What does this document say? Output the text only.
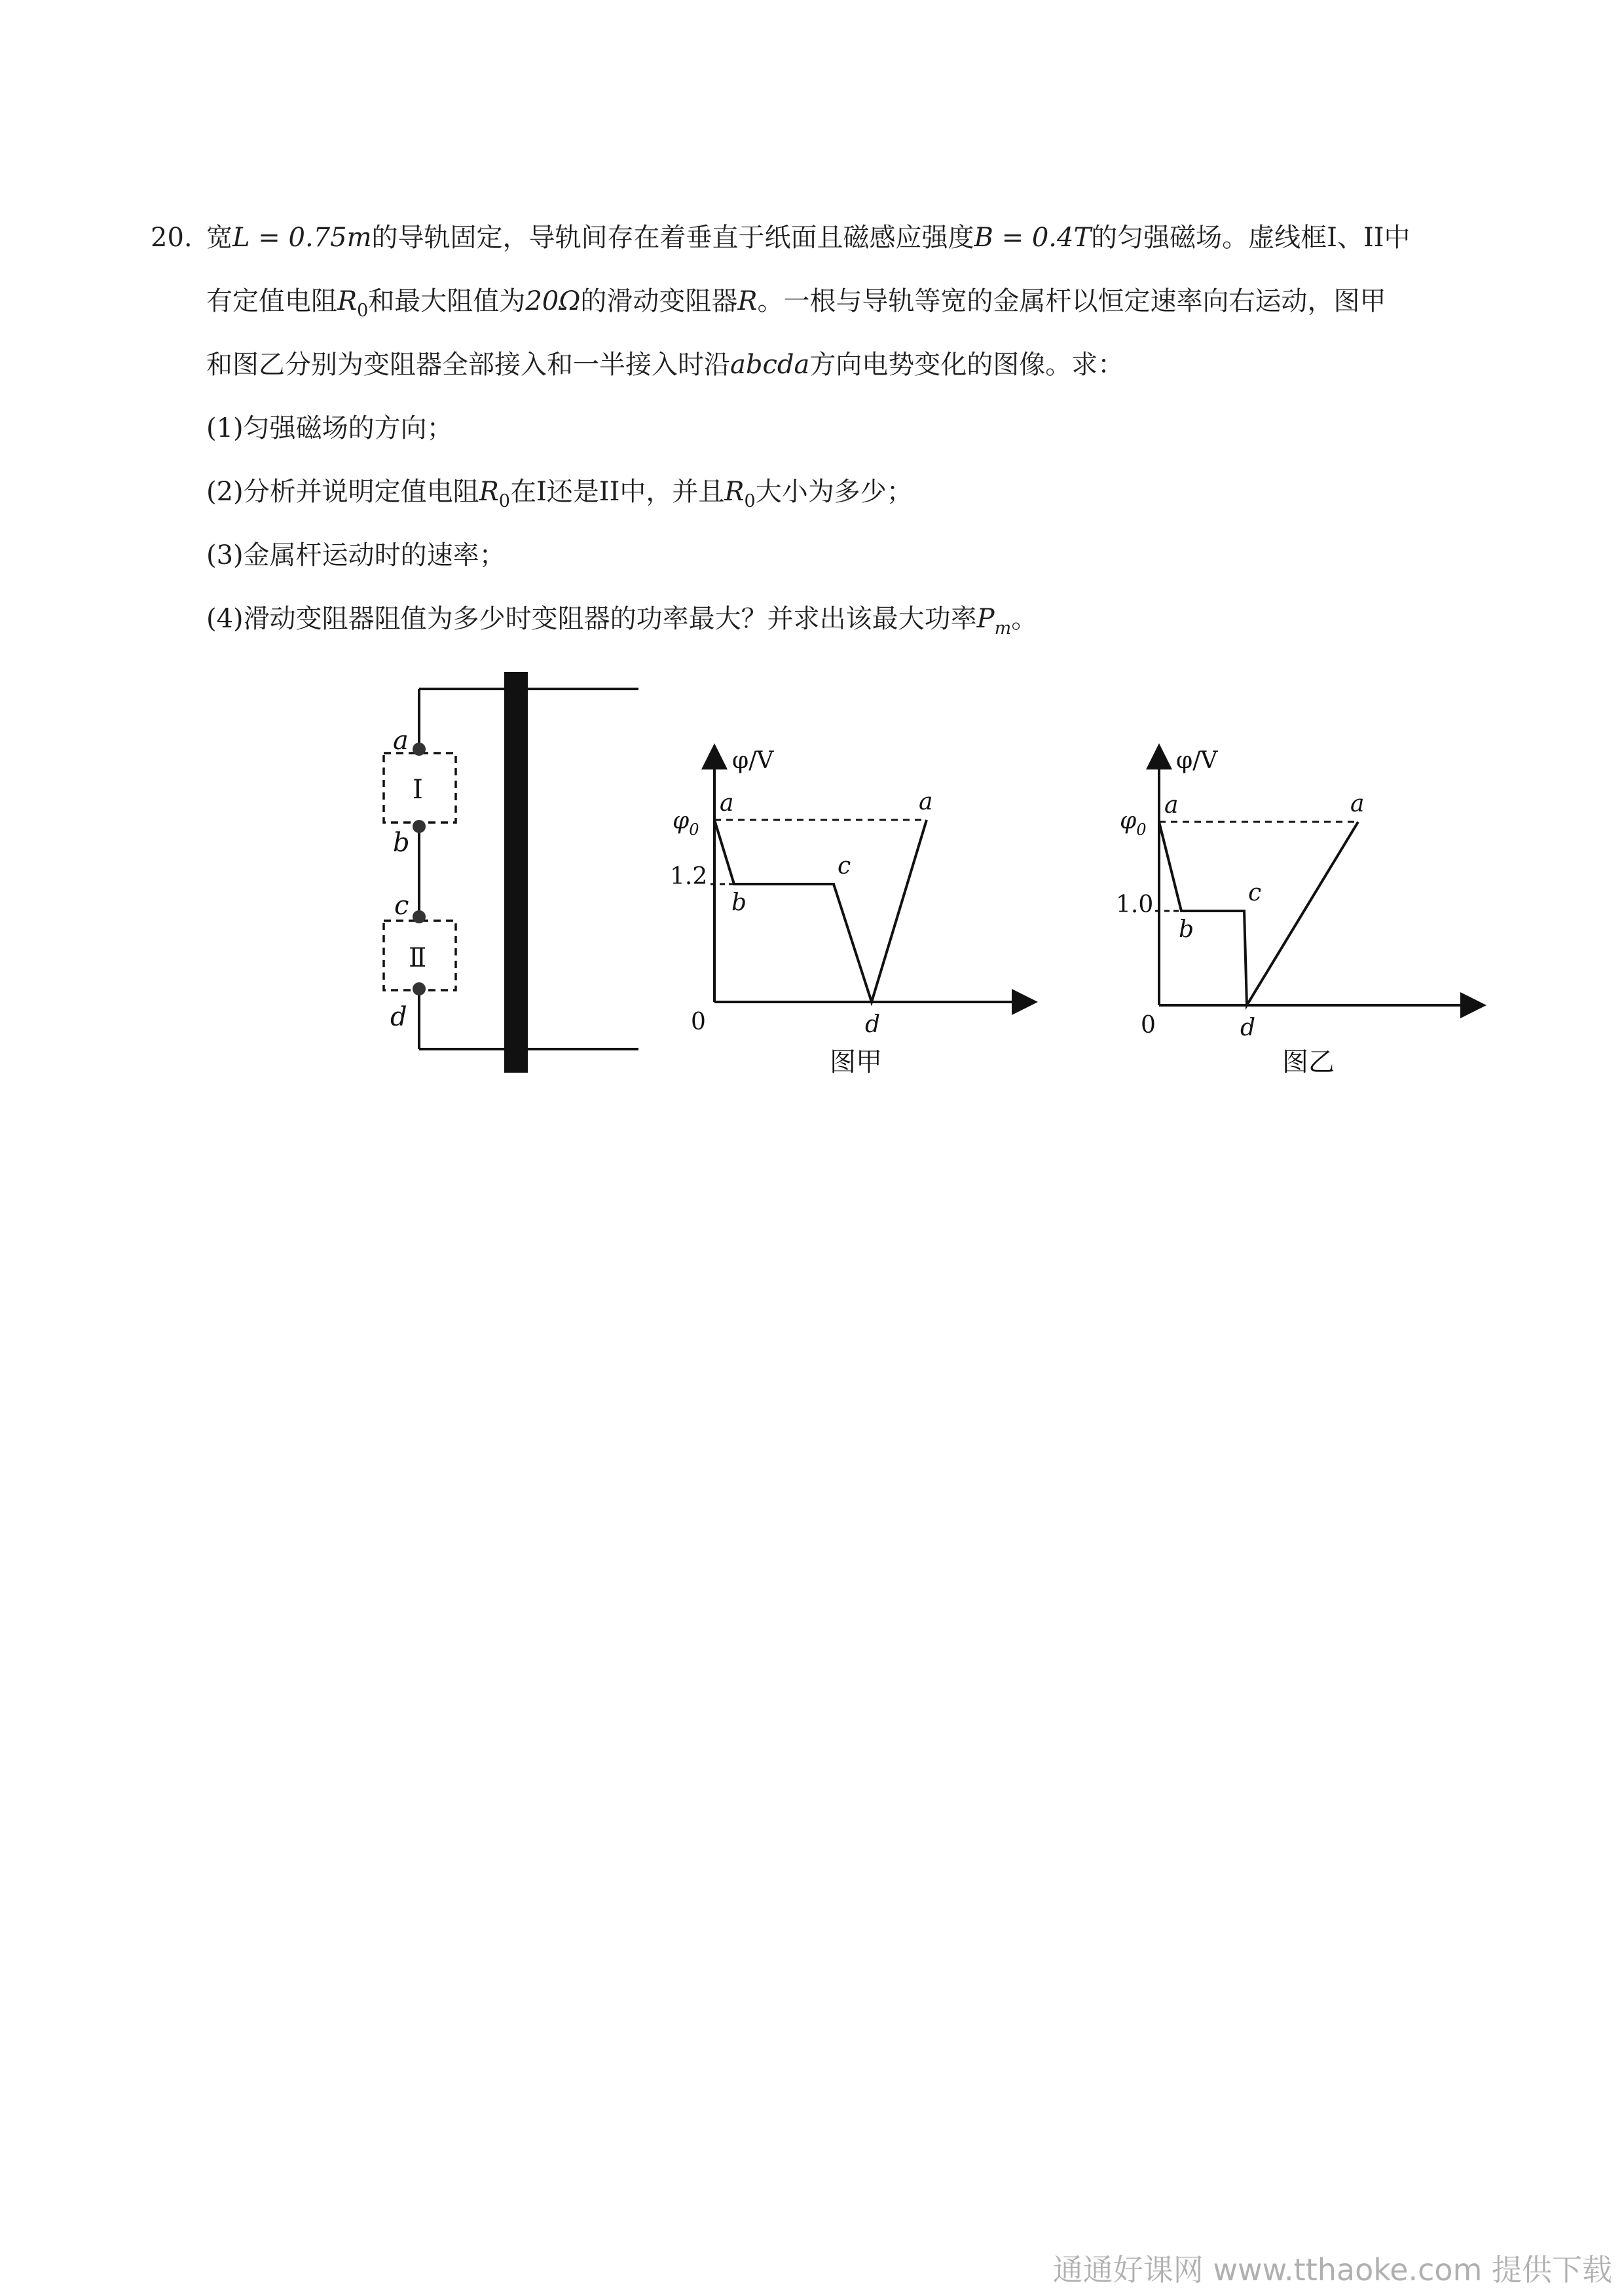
20. 宽L = 0.75m的导轨固定，导轨间存在着垂直于纸面且磁感应强度B = 0.4T的匀强磁场。虚线框I、II中
有定值电阻$R_0$和最大阻值为20Ω的滑动变阻器R。一根与导轨等宽的金属杆以恒定速率向右运动，图甲
和图乙分别为变阻器全部接入和一半接入时沿abcda方向电势变化的图像。求：
(1)匀强磁场的方向；
(2)分析并说明定值电阻$R_0$在I还是II中，并且$R_0$大小为多少；
(3)金属杆运动时的速率；
(4)滑动变阻器阻值为多少时变阻器的功率最大？并求出该最大功率$P_m$。
a
b
c
d
I
Ⅱ
φ/V
0
$\varphi_0$
1.2
a
b
c
d
a
图甲
φ/V
0
$\varphi_0$
1.0
a
b
c
d
a
图乙
通通好课网 www.tthaoke.com 提供下载
